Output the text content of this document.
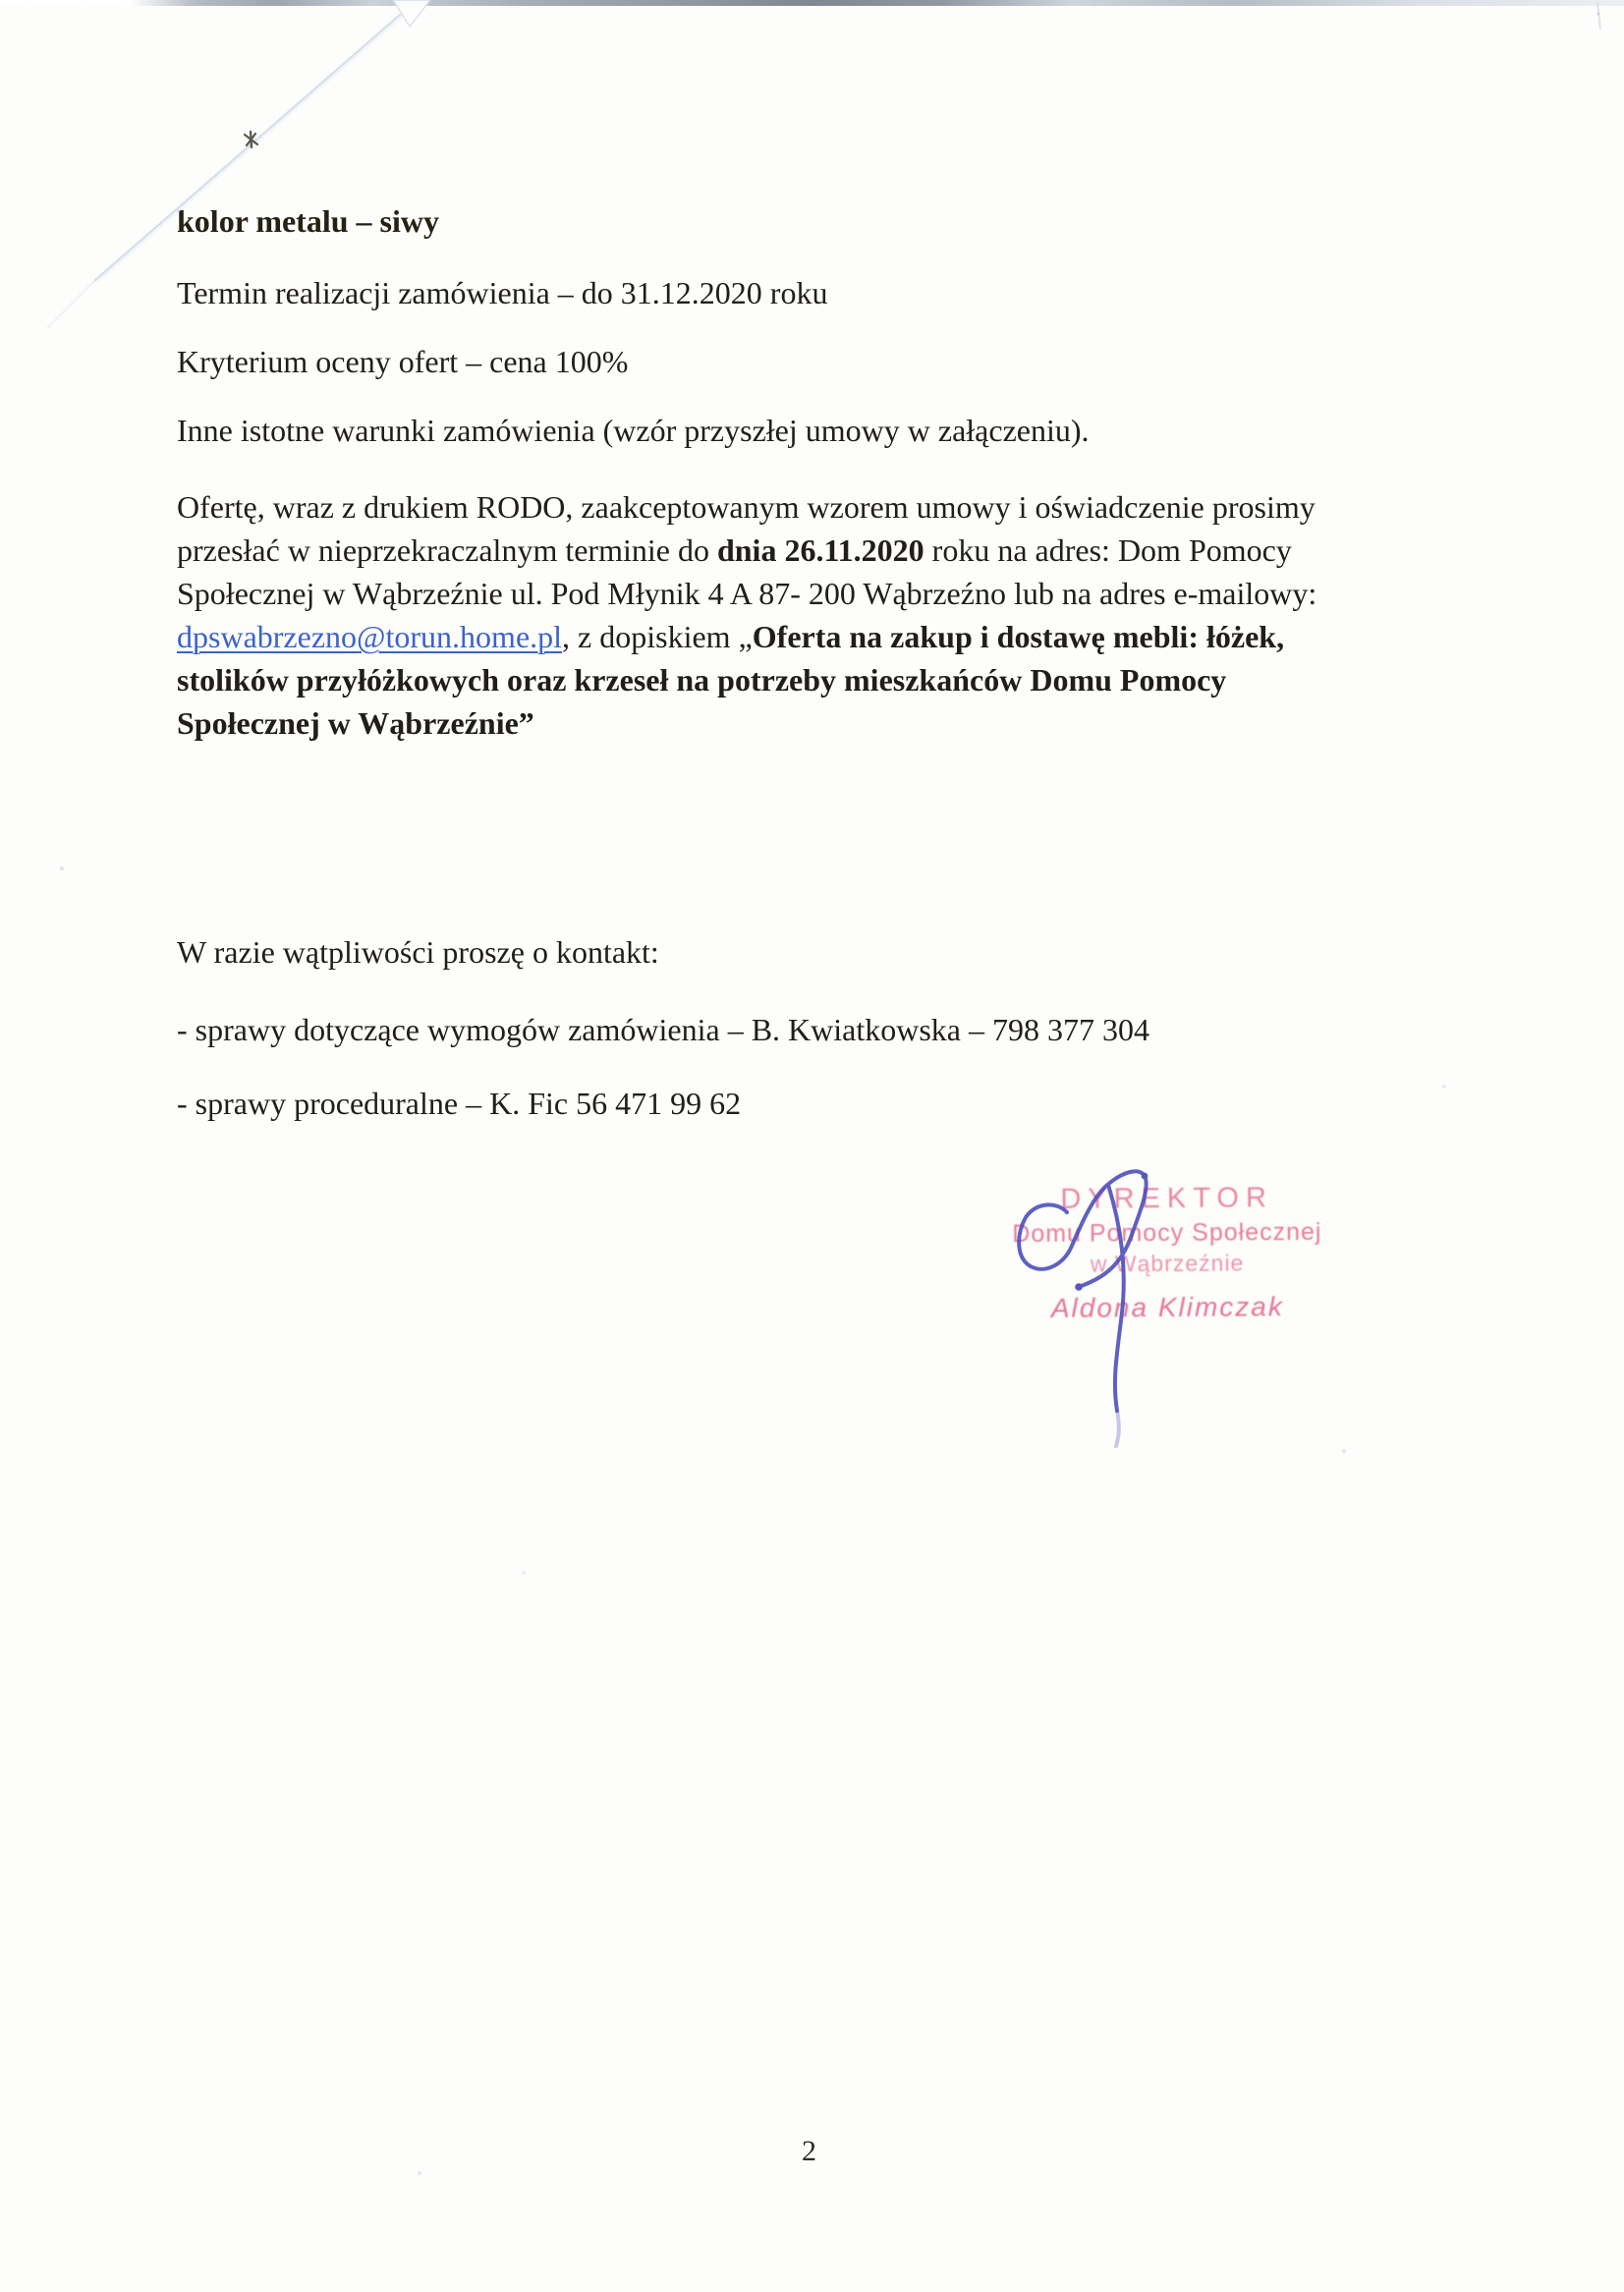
kolor metalu – siwy
Termin realizacji zamówienia – do 31.12.2020 roku
Kryterium oceny ofert – cena 100%
Inne istotne warunki zamówienia (wzór przyszłej umowy w załączeniu).
Ofertę, wraz z drukiem RODO, zaakceptowanym wzorem umowy i oświadczenie prosimy
przesłać w nieprzekraczalnym terminie do dnia 26.11.2020 roku na adres: Dom Pomocy
Społecznej w Wąbrzeźnie ul. Pod Młynik 4 A 87- 200 Wąbrzeźno lub na adres e-mailowy:
dpswabrzezno@torun.home.pl, z dopiskiem „Oferta na zakup i dostawę mebli: łóżek,
stolików przyłóżkowych oraz krzeseł na potrzeby mieszkańców Domu Pomocy
Społecznej w Wąbrzeźnie”
W razie wątpliwości proszę o kontakt:
- sprawy dotyczące wymogów zamówienia – B. Kwiatkowska – 798 377 304
- sprawy proceduralne – K. Fic 56 471 99 62
DYREKTOR
Domu Pomocy Społecznej
w Wąbrzeźnie
Aldona Klimczak
2
